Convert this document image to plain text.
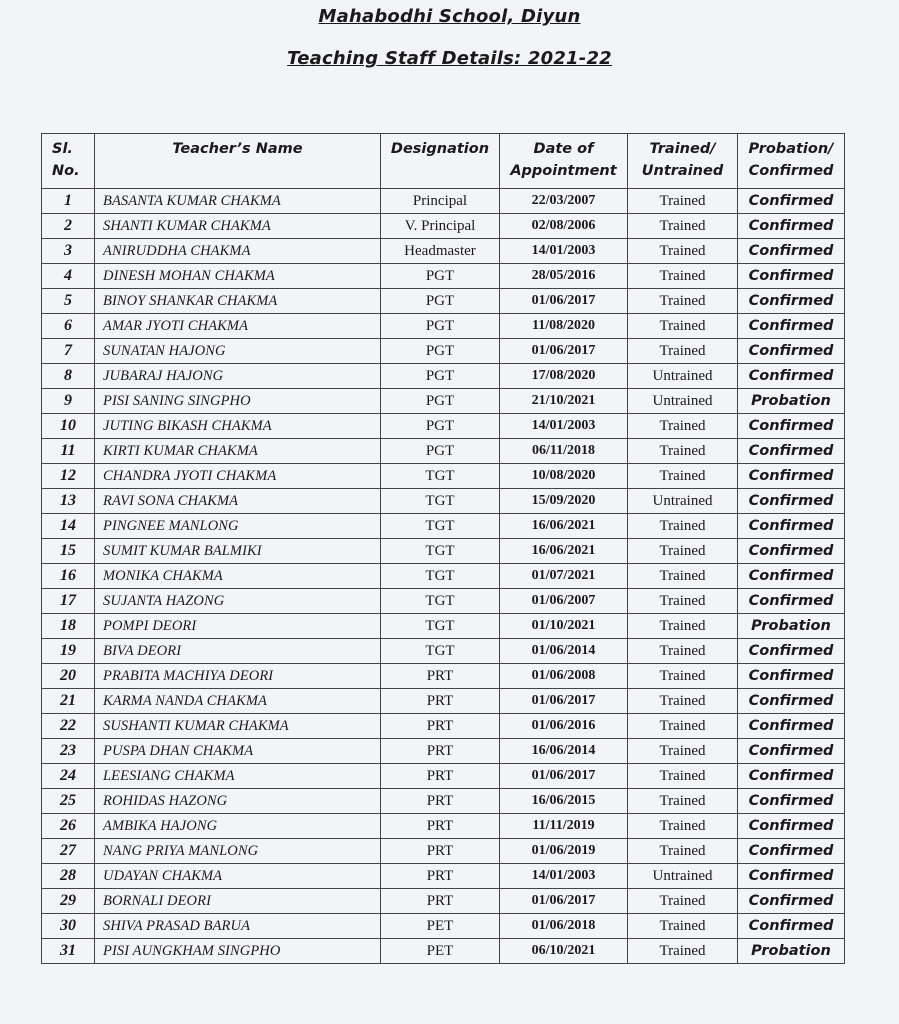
Mahabodhi School, Diyun
Teaching Staff Details: 2021-22
Sl. No.	Teacher’s Name	Designation	Date of Appointment	Trained/ Untrained	Probation/ Confirmed
1	BASANTA KUMAR CHAKMA	Principal	22/03/2007	Trained	Confirmed
2	SHANTI KUMAR CHAKMA	V. Principal	02/08/2006	Trained	Confirmed
3	ANIRUDDHA CHAKMA	Headmaster	14/01/2003	Trained	Confirmed
4	DINESH MOHAN CHAKMA	PGT	28/05/2016	Trained	Confirmed
5	BINOY SHANKAR CHAKMA	PGT	01/06/2017	Trained	Confirmed
6	AMAR JYOTI CHAKMA	PGT	11/08/2020	Trained	Confirmed
7	SUNATAN HAJONG	PGT	01/06/2017	Trained	Confirmed
8	JUBARAJ HAJONG	PGT	17/08/2020	Untrained	Confirmed
9	PISI SANING SINGPHO	PGT	21/10/2021	Untrained	Probation
10	JUTING BIKASH CHAKMA	PGT	14/01/2003	Trained	Confirmed
11	KIRTI KUMAR CHAKMA	PGT	06/11/2018	Trained	Confirmed
12	CHANDRA JYOTI CHAKMA	TGT	10/08/2020	Trained	Confirmed
13	RAVI SONA CHAKMA	TGT	15/09/2020	Untrained	Confirmed
14	PINGNEE MANLONG	TGT	16/06/2021	Trained	Confirmed
15	SUMIT KUMAR BALMIKI	TGT	16/06/2021	Trained	Confirmed
16	MONIKA CHAKMA	TGT	01/07/2021	Trained	Confirmed
17	SUJANTA HAZONG	TGT	01/06/2007	Trained	Confirmed
18	POMPI DEORI	TGT	01/10/2021	Trained	Probation
19	BIVA DEORI	TGT	01/06/2014	Trained	Confirmed
20	PRABITA MACHIYA DEORI	PRT	01/06/2008	Trained	Confirmed
21	KARMA NANDA CHAKMA	PRT	01/06/2017	Trained	Confirmed
22	SUSHANTI KUMAR CHAKMA	PRT	01/06/2016	Trained	Confirmed
23	PUSPA DHAN CHAKMA	PRT	16/06/2014	Trained	Confirmed
24	LEESIANG CHAKMA	PRT	01/06/2017	Trained	Confirmed
25	ROHIDAS HAZONG	PRT	16/06/2015	Trained	Confirmed
26	AMBIKA HAJONG	PRT	11/11/2019	Trained	Confirmed
27	NANG PRIYA MANLONG	PRT	01/06/2019	Trained	Confirmed
28	UDAYAN CHAKMA	PRT	14/01/2003	Untrained	Confirmed
29	BORNALI DEORI	PRT	01/06/2017	Trained	Confirmed
30	SHIVA PRASAD BARUA	PET	01/06/2018	Trained	Confirmed
31	PISI AUNGKHAM SINGPHO	PET	06/10/2021	Trained	Probation
